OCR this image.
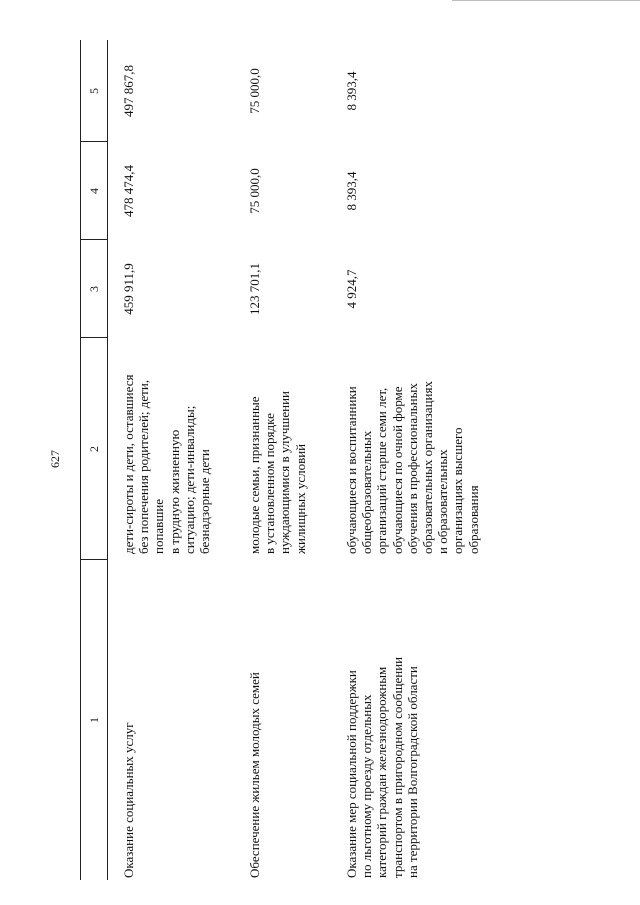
627
1
2
3
4
5
Оказание социальных услуг
дети-сироты и дети, оставшиеся
без попечения родителей; дети,
попавшие
в трудную жизненную
ситуацию; дети-инвалиды;
безнадзорные дети
459 911,9
478 474,4
497 867,8
Обеспечение жильем молодых семей
молодые семьи, признанные
в установленном порядке
нуждающимися в улучшении
жилищных условий
123 701,1
75 000,0
75 000,0
Оказание мер социальной поддержки
по льготному проезду отдельных
категорий граждан железнодорожным
транспортом в пригородном сообщении
на территории Волгоградской области
обучающиеся и воспитанники
общеобразовательных
организаций старше семи лет,
обучающиеся по очной форме
обучения в профессиональных
образовательных организациях
и образовательных
организациях высшего
образования
4 924,7
8 393,4
8 393,4
